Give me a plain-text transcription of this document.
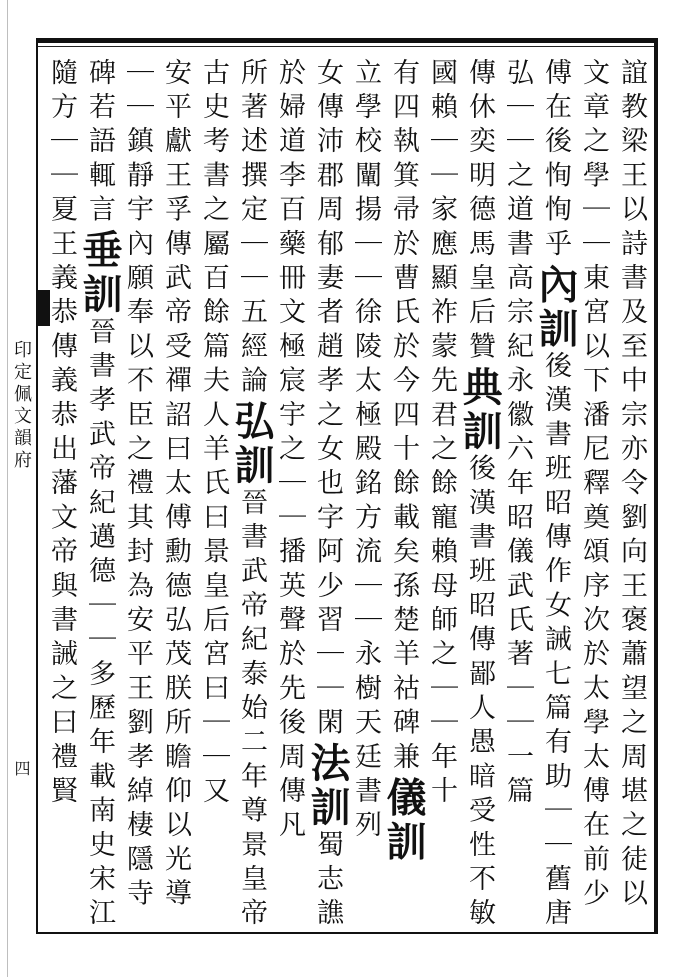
印定佩文韻府
四	誼教梁王以詩書及至中宗亦令劉向王褒蕭望之周堪之徒以
文章之學｜｜東宮以下潘尼釋奠頌序次於太學太傅在前少
傅在後恂恂乎內訓後漢書班昭傳作女誡七篇有助｜｜舊唐
弘｜｜之道書高宗紀永徽六年昭儀武氏著｜｜一篇
傳休奕明德馬皇后贊典訓後漢書班昭傳鄙人愚暗受性不敏
國賴｜｜家應顯祚蒙先君之餘寵賴母師之｜｜年十
有四執箕帚於曹氏於今四十餘載矣孫楚羊祜碑兼儀訓
立學校闡揚｜｜徐陵太極殿銘方流｜｜永樹天廷書列
女傳沛郡周郁妻者趙孝之女也字阿少習｜｜閑法訓蜀志譙
於婦道李百藥冊文極宸宇之｜｜播英聲於先後周傳凡
所著述撰定｜｜五經論弘訓晉書武帝紀泰始二年尊景皇帝
古史考書之屬百餘篇夫人羊氏曰景皇后宮曰｜｜又
安平獻王孚傳武帝受禪詔曰太傅勳德弘茂朕所瞻仰以光導
｜｜鎮靜宇內願奉以不臣之禮其封為安平王劉孝綽棲隱寺
碑若語輒言垂訓晉書孝武帝紀邁德｜｜多歷年載南史宋江
隨方｜｜夏王義恭傳義恭出藩文帝與書誡之曰禮賢
